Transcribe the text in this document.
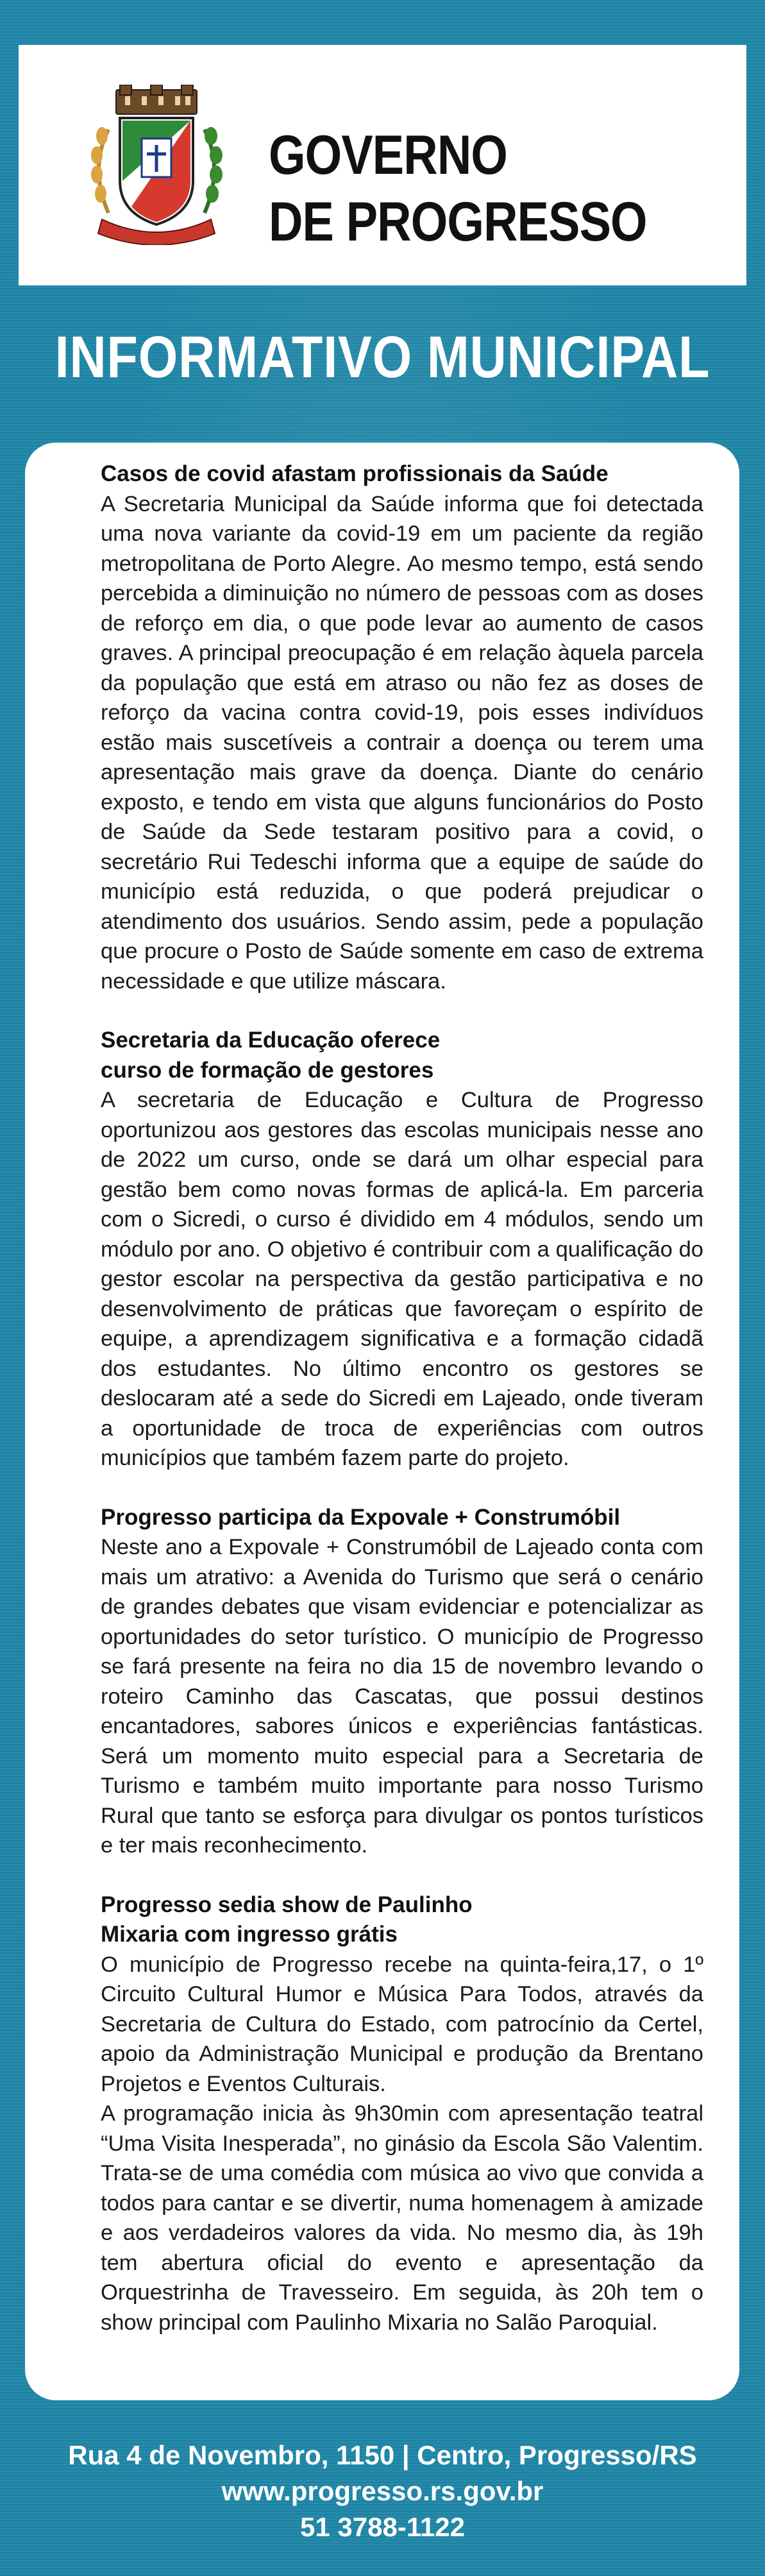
GOVERNO
DE PROGRESSO
INFORMATIVO MUNICIPAL
Casos de covid afastam profissionais da Saúde

A Secretaria Municipal da Saúde informa que foi detectada uma nova variante da covid-19 em um paciente da região metropolitana de Porto Alegre. Ao mesmo tempo, está sendo percebida a diminuição no número de pessoas com as doses de reforço em dia, o que pode levar ao aumento de casos graves. A principal preocupação é em relação àquela parcela da população que está em atraso ou não fez as doses de reforço da vacina contra covid-19, pois esses indivíduos estão mais suscetíveis a contrair a doença ou terem uma apresentação mais grave da doença. Diante do cenário exposto, e tendo em vista que alguns funcionários do Posto de Saúde da Sede testaram positivo para a covid, o secretário Rui Tedeschi informa que a equipe de saúde do município está reduzida, o que poderá prejudicar o atendimento dos usuários. Sendo assim, pede a população que procure o Posto de Saúde somente em caso de extrema necessidade e que utilize máscara.

Secretaria da Educação oferece
curso de formação de gestores

A secretaria de Educação e Cultura de Progresso oportunizou aos gestores das escolas municipais nesse ano de 2022 um curso, onde se dará um olhar especial para gestão bem como novas formas de aplicá-la. Em parceria com o Sicredi, o curso é dividido em 4 módulos, sendo um módulo por ano. O objetivo é contribuir com a qualificação do gestor escolar na perspectiva da gestão participativa e no desenvolvimento de práticas que favoreçam o espírito de equipe, a aprendizagem significativa e a formação cidadã dos estudantes. No último encontro os gestores se deslocaram até a sede do Sicredi em Lajeado, onde tiveram a oportunidade de troca de experiências com outros municípios que também fazem parte do projeto.

Progresso participa da Expovale + Construmóbil

Neste ano a Expovale + Construmóbil de Lajeado conta com mais um atrativo: a Avenida do Turismo que será o cenário de grandes debates que visam evidenciar e potencializar as oportunidades do setor turístico. O município de Progresso se fará presente na feira no dia 15 de novembro levando o roteiro Caminho das Cascatas, que possui destinos encantadores, sabores únicos e experiências fantásticas. Será um momento muito especial para a Secretaria de Turismo e também muito importante para nosso Turismo Rural que tanto se esforça para divulgar os pontos turísticos e ter mais reconhecimento.

Progresso sedia show de Paulinho
Mixaria com ingresso grátis

O município de Progresso recebe na quinta-feira,17, o 1º Circuito Cultural Humor e Música Para Todos, através da Secretaria de Cultura do Estado, com patrocínio da Certel, apoio da Administração Municipal e produção da Brentano Projetos e Eventos Culturais.

A programação inicia às 9h30min com apresentação teatral “Uma Visita Inesperada”, no ginásio da Escola São Valentim. Trata-se de uma comédia com música ao vivo que convida a todos para cantar e se divertir, numa homenagem à amizade e aos verdadeiros valores da vida. No mesmo dia, às 19h tem abertura oficial do evento e apresentação da Orquestrinha de Travesseiro. Em seguida, às 20h tem o show principal com Paulinho Mixaria no Salão Paroquial.

Rua 4 de Novembro, 1150 | Centro, Progresso/RS
www.progresso.rs.gov.br
51 3788-1122
